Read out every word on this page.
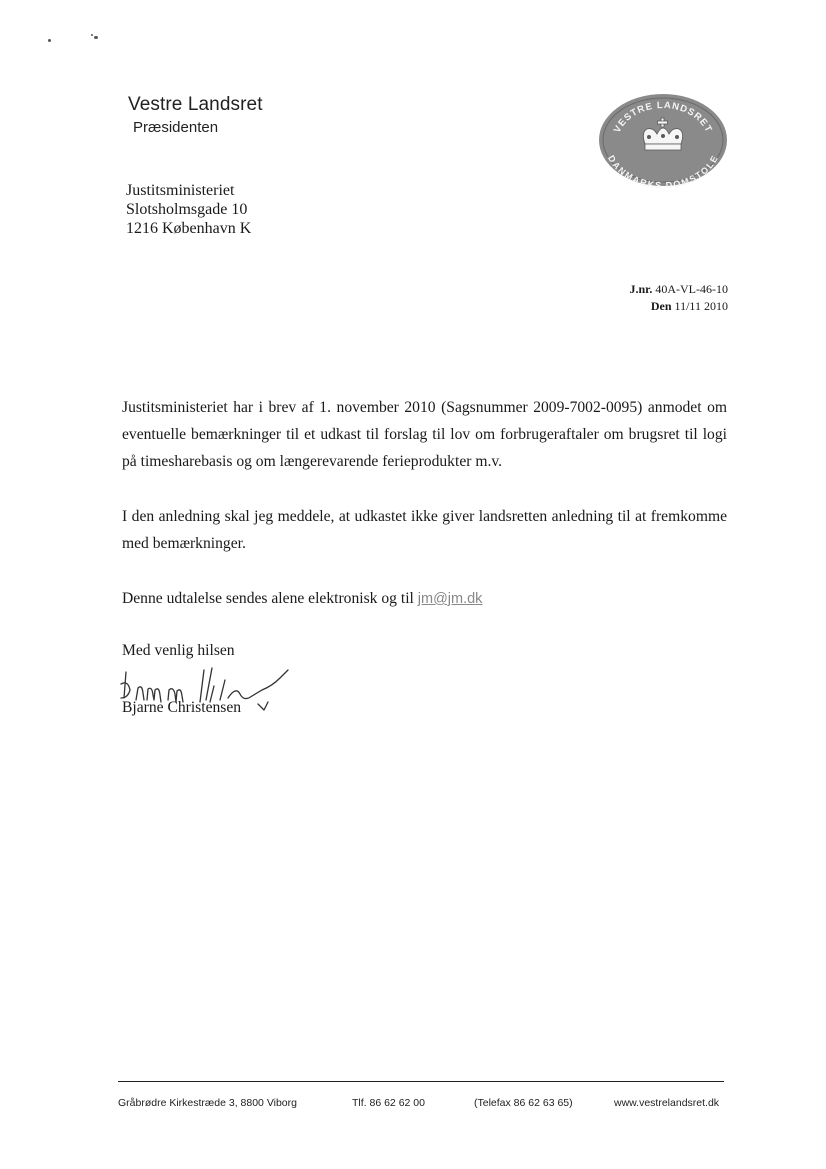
Vestre Landsret
Præsidenten	VESTRE LANDSRET
DANMARKS DOMSTOLE
Justitsministeriet
Slotsholmsgade 10
1216 København K
J.nr. 40A-VL-46-10
Den 11/11 2010
Justitsministeriet har i brev af 1. november 2010 (Sagsnummer 2009-7002-0095) anmodet om eventuelle bemærkninger til et udkast til forslag til lov om forbrugeraftaler om brugsret til logi på timesharebasis og om længerevarende ferieprodukter m.v.
I den anledning skal jeg meddele, at udkastet ikke giver landsretten anledning til at fremkomme med bemærkninger.
Denne udtalelse sendes alene elektronisk og til jm@jm.dk
Med venlig hilsen
Bjarne Christensen
Gråbrødre Kirkestræde 3, 8800 Viborg	Tlf. 86 62 62 00	(Telefax 86 62 63 65)	www.vestrelandsret.dk
